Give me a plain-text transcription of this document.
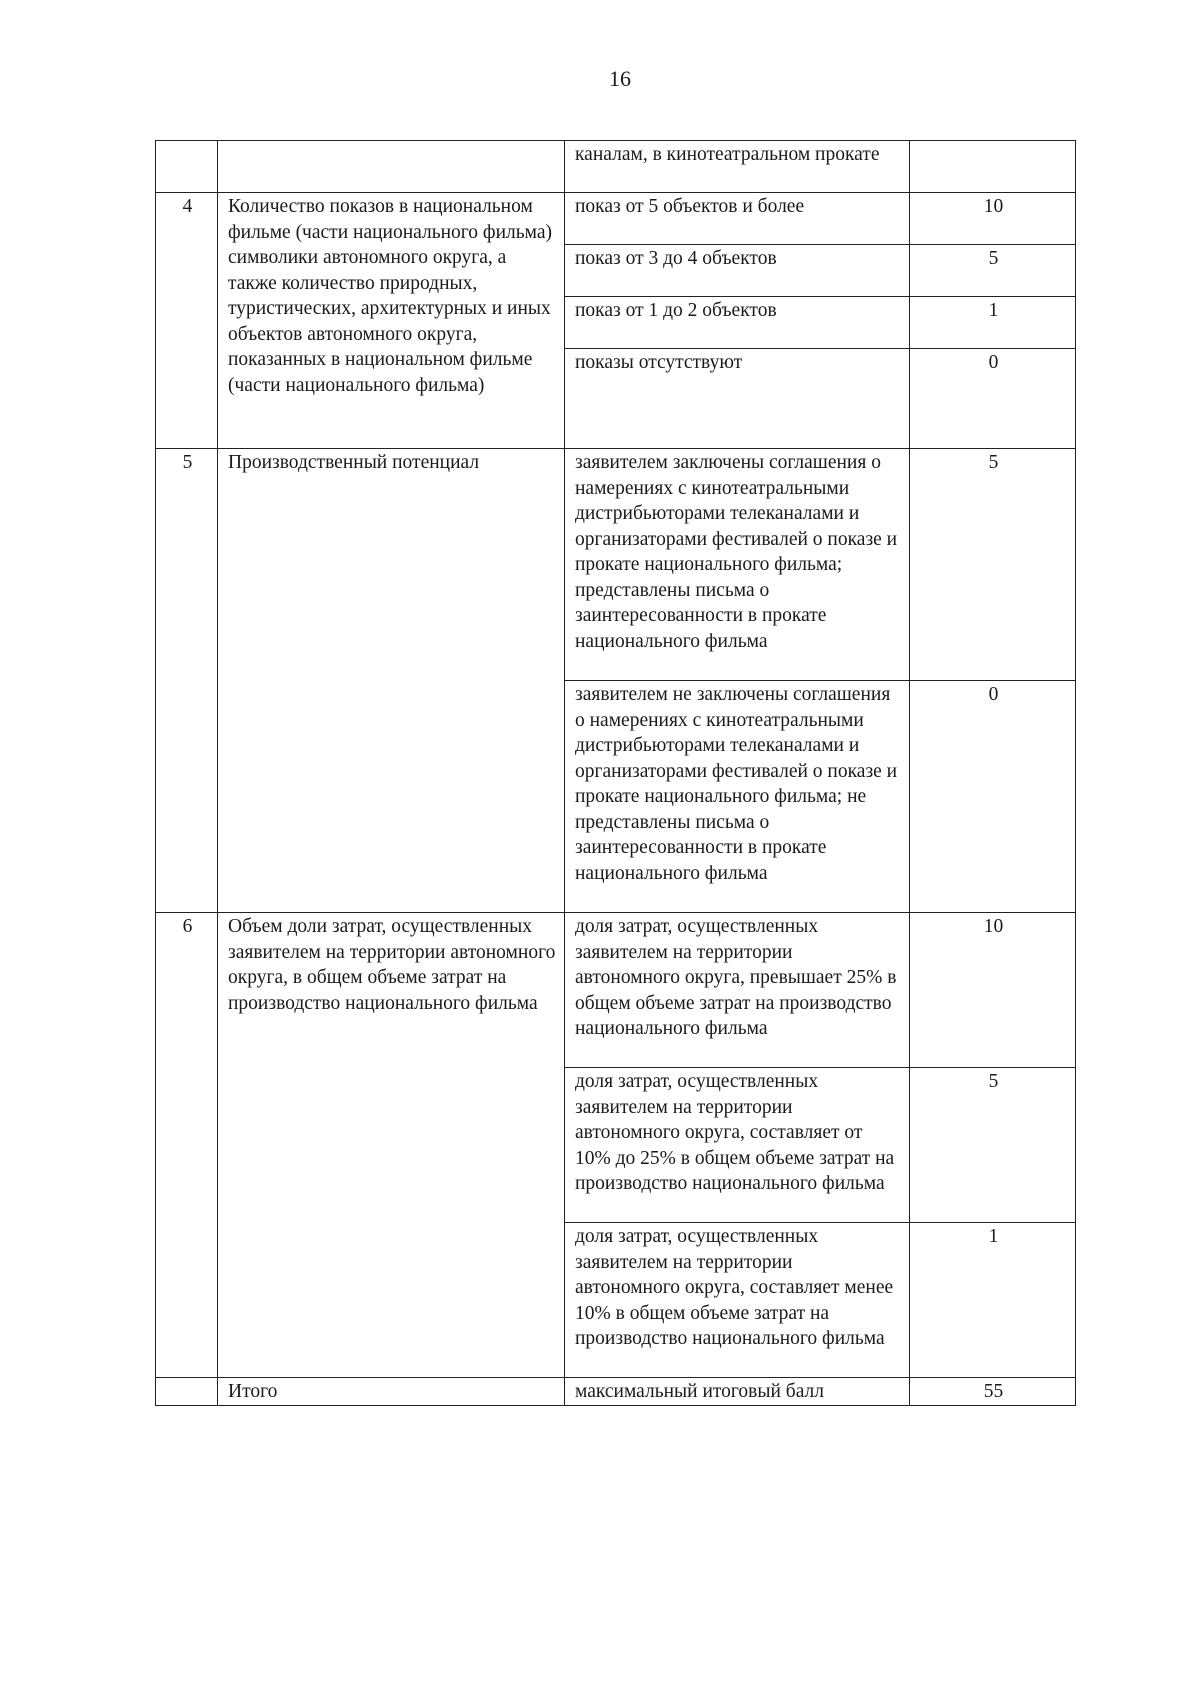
16
		каналам, в кинотеатральном прокате	
4	Количество показов в национальном фильме (части национального фильма) символики автономного округа, а также количество природных, туристических, архитектурных и иных объектов автономного округа, показанных в национальном фильме (части национального фильма)	показ от 5 объектов и более	10
		показ от 3 до 4 объектов	5
		показ от 1 до 2 объектов	1
		показы отсутствуют	0
5	Производственный потенциал	заявителем заключены соглашения о намерениях с кинотеатральными дистрибьюторами телеканалами и организаторами фестивалей о показе и прокате национального фильма; представлены письма о заинтересованности в прокате национального фильма	5
		заявителем не заключены соглашения о намерениях с кинотеатральными дистрибьюторами телеканалами и организаторами фестивалей о показе и прокате национального фильма; не представлены письма о заинтересованности в прокате национального фильма	0
6	Объем доли затрат, осуществленных заявителем на территории автономного округа, в общем объеме затрат на производство национального фильма	доля затрат, осуществленных заявителем на территории автономного округа, превышает 25% в общем объеме затрат на производство национального фильма	10
		доля затрат, осуществленных заявителем на территории автономного округа, составляет от 10% до 25% в общем объеме затрат на производство национального фильма	5
		доля затрат, осуществленных заявителем на территории автономного округа, составляет менее 10% в общем объеме затрат на производство национального фильма	1
	Итого	максимальный итоговый балл	55
